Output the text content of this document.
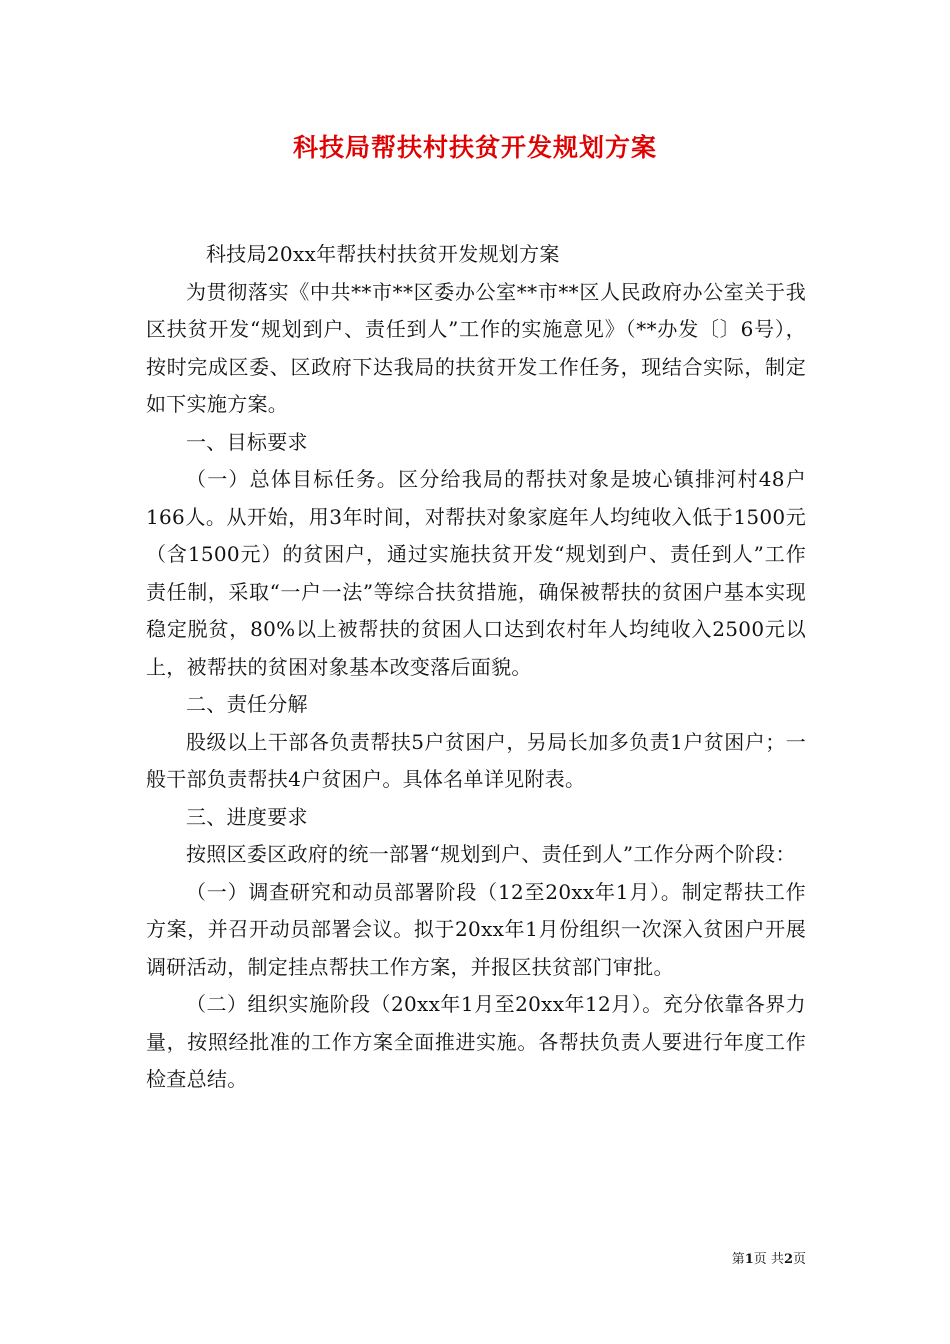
科技局帮扶村扶贫开发规划方案

科技局20xx年帮扶村扶贫开发规划方案

为贯彻落实《中共**市**区委办公室**市**区人民政府办公室关于我区扶贫开发“规划到户、责任到人”工作的实施意见》（**办发〔〕6号），按时完成区委、区政府下达我局的扶贫开发工作任务，现结合实际，制定如下实施方案。

一、目标要求

（一）总体目标任务。区分给我局的帮扶对象是坡心镇排河村48户166人。从开始，用3年时间，对帮扶对象家庭年人均纯收入低于1500元（含1500元）的贫困户，通过实施扶贫开发“规划到户、责任到人”工作责任制，采取“一户一法”等综合扶贫措施，确保被帮扶的贫困户基本实现稳定脱贫，80%以上被帮扶的贫困人口达到农村年人均纯收入2500元以上，被帮扶的贫困对象基本改变落后面貌。

二、责任分解

股级以上干部各负责帮扶5户贫困户，另局长加多负责1户贫困户；一般干部负责帮扶4户贫困户。具体名单详见附表。

三、进度要求

按照区委区政府的统一部署“规划到户、责任到人”工作分两个阶段：

（一）调查研究和动员部署阶段（12至20xx年1月）。制定帮扶工作方案，并召开动员部署会议。拟于20xx年1月份组织一次深入贫困户开展调研活动，制定挂点帮扶工作方案，并报区扶贫部门审批。

（二）组织实施阶段（20xx年1月至20xx年12月）。充分依靠各界力量，按照经批准的工作方案全面推进实施。各帮扶负责人要进行年度工作检查总结。

第1页 共2页
